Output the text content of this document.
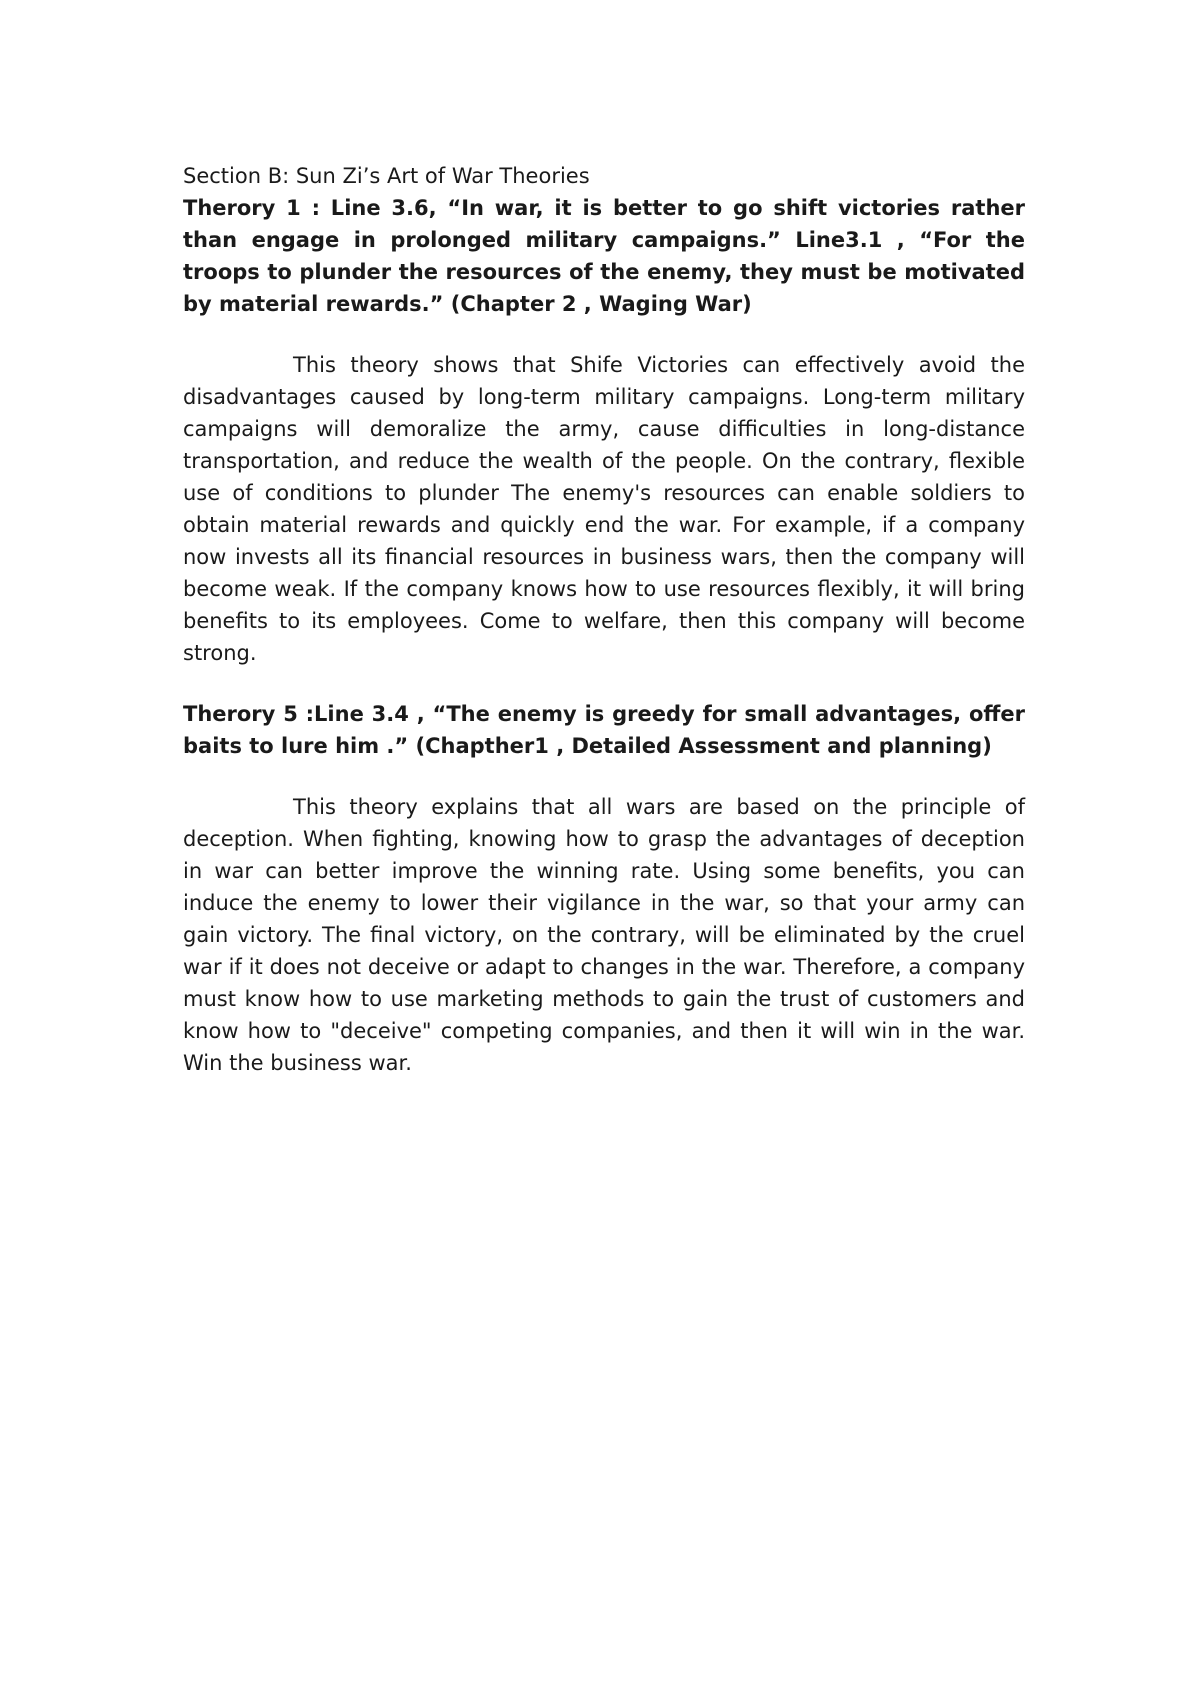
Section B: Sun Zi’s Art of War Theories

Therory 1 : Line 3.6, “In war, it is better to go shift victories rather than engage in prolonged military campaigns.” Line3.1 , “For the troops to plunder the resources of the enemy, they must be motivated by material rewards.” (Chapter 2 , Waging War)

This theory shows that Shife Victories can effectively avoid the disadvantages caused by long-term military campaigns. Long-term military campaigns will demoralize the army, cause difficulties in long-distance transportation, and reduce the wealth of the people. On the contrary, flexible use of conditions to plunder The enemy's resources can enable soldiers to obtain material rewards and quickly end the war. For example, if a company now invests all its financial resources in business wars, then the company will become weak. If the company knows how to use resources flexibly, it will bring benefits to its employees. Come to welfare, then this company will become strong.

Therory 5 :Line 3.4 , “The enemy is greedy for small advantages, offer baits to lure him .” (Chapther1 , Detailed Assessment and planning)

This theory explains that all wars are based on the principle of deception. When fighting, knowing how to grasp the advantages of deception in war can better improve the winning rate. Using some benefits, you can induce the enemy to lower their vigilance in the war, so that your army can gain victory. The final victory, on the contrary, will be eliminated by the cruel war if it does not deceive or adapt to changes in the war. Therefore, a company must know how to use marketing methods to gain the trust of customers and know how to "deceive" competing companies, and then it will win in the war. Win the business war.
